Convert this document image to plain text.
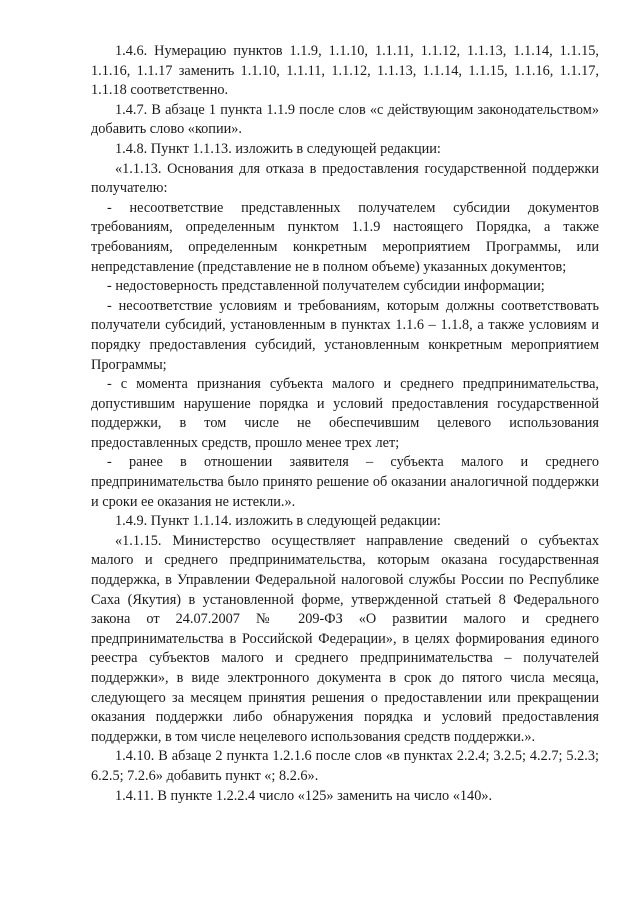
1.4.6. Нумерацию пунктов 1.1.9, 1.1.10, 1.1.11, 1.1.12, 1.1.13, 1.1.14, 1.1.15, 1.1.16, 1.1.17 заменить 1.1.10, 1.1.11, 1.1.12, 1.1.13, 1.1.14, 1.1.15, 1.1.16, 1.1.17, 1.1.18 соответственно.

1.4.7. В абзаце 1 пункта 1.1.9 после слов «с действующим законодательством» добавить слово «копии».

1.4.8. Пункт 1.1.13. изложить в следующей редакции:

«1.1.13. Основания для отказа в предоставления государственной поддержки получателю:

- несоответствие представленных получателем субсидии документов требованиям, определенным пунктом 1.1.9 настоящего Порядка, а также требованиям, определенным конкретным мероприятием Программы, или непредставление (представление не в полном объеме) указанных документов;

- недостоверность представленной получателем субсидии информации;

- несоответствие условиям и требованиям, которым должны соответствовать получатели субсидий, установленным в пунктах 1.1.6 – 1.1.8, а также условиям и порядку предоставления субсидий, установленным конкретным мероприятием Программы;

- с момента признания субъекта малого и среднего предпринимательства, допустившим нарушение порядка и условий предоставления государственной поддержки, в том числе не обеспечившим целевого использования предоставленных средств, прошло менее трех лет;

- ранее в отношении заявителя – субъекта малого и среднего предпринимательства было принято решение об оказании аналогичной поддержки и сроки ее оказания не истекли.».

1.4.9. Пункт 1.1.14. изложить в следующей редакции:

«1.1.15. Министерство осуществляет направление сведений о субъектах малого и среднего предпринимательства, которым оказана государственная поддержка, в Управлении Федеральной налоговой службы России по Республике Саха (Якутия) в установленной форме, утвержденной статьей 8 Федерального закона от 24.07.2007 № 209-ФЗ «О развитии малого и среднего предпринимательства в Российской Федерации», в целях формирования единого реестра субъектов малого и среднего предпринимательства – получателей поддержки», в виде электронного документа в срок до пятого числа месяца, следующего за месяцем принятия решения о предоставлении или прекращении оказания поддержки либо обнаружения порядка и условий предоставления поддержки, в том числе нецелевого использования средств поддержки.».

1.4.10. В абзаце 2 пункта 1.2.1.6 после слов «в пунктах 2.2.4; 3.2.5; 4.2.7; 5.2.3; 6.2.5; 7.2.6» добавить пункт «; 8.2.6».

1.4.11. В пункте 1.2.2.4 число «125» заменить на число «140».
